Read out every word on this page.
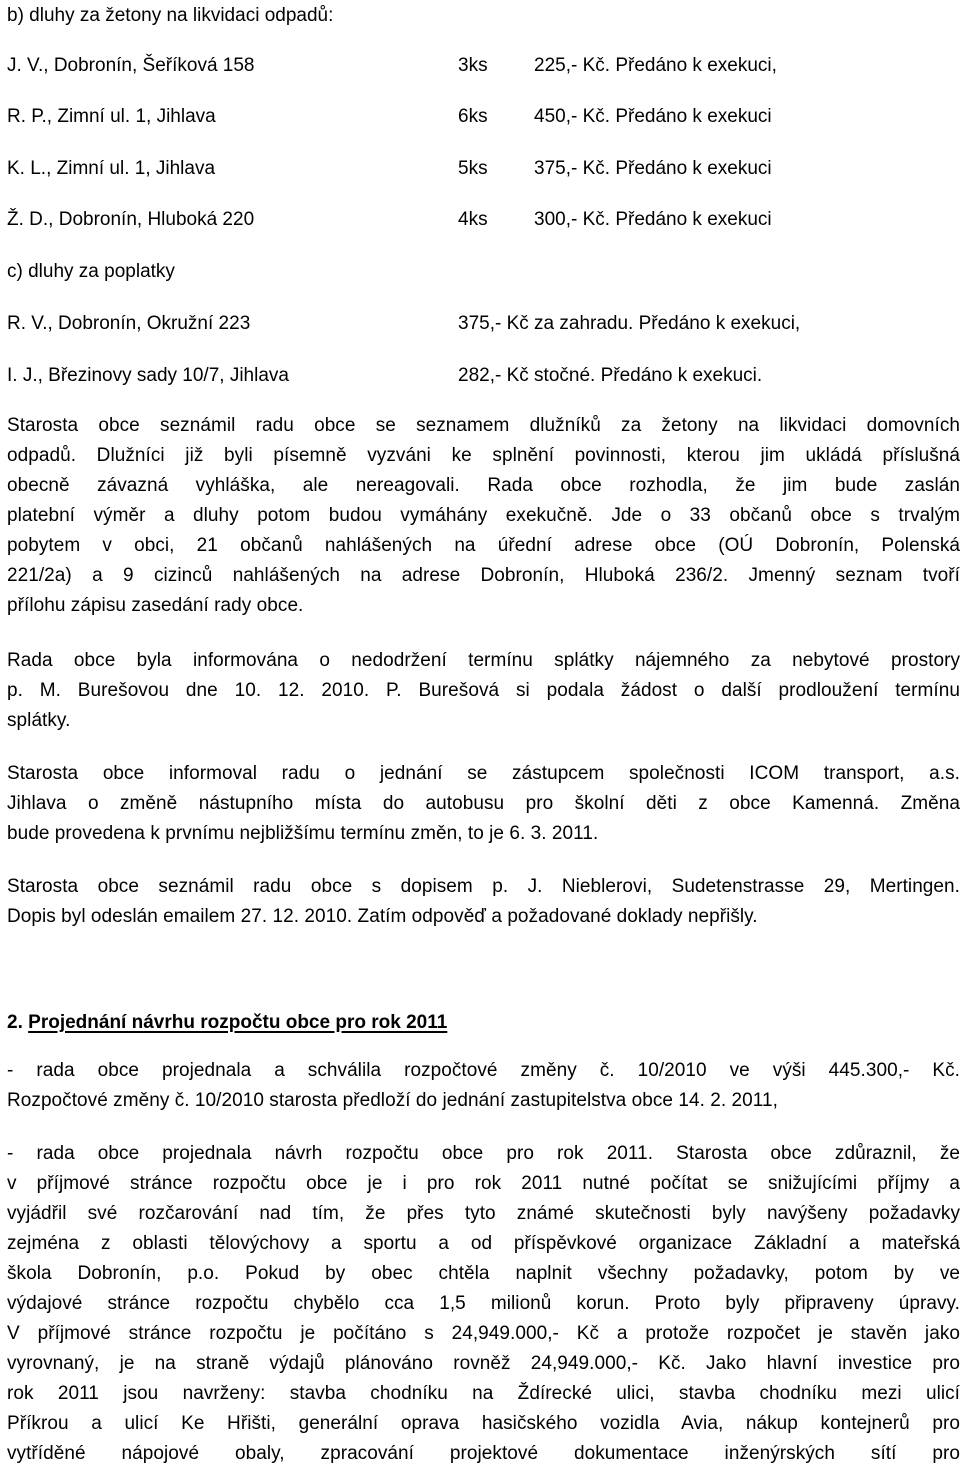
b) dluhy za žetony na likvidaci odpadů:
J. V., Dobronín, Šeříková 158	3ks 225,- Kč. Předáno k exekuci,
R. P., Zimní ul. 1, Jihlava	6ks 450,- Kč. Předáno k exekuci
K. L., Zimní ul. 1, Jihlava	5ks 375,- Kč. Předáno k exekuci
Ž. D., Dobronín, Hluboká 220	4ks 300,- Kč. Předáno k exekuci
c) dluhy za poplatky
R. V., Dobronín, Okružní 223	375,- Kč za zahradu. Předáno k exekuci,
I. J., Březinovy sady 10/7, Jihlava	282,- Kč stočné. Předáno k exekuci.
Starosta obce seznámil radu obce se seznamem dlužníků za žetony na likvidaci domovních
odpadů. Dlužníci již byli písemně vyzváni ke splnění povinnosti, kterou jim ukládá příslušná
obecně závazná vyhláška, ale nereagovali. Rada obce rozhodla, že jim bude zaslán
platební výměr a dluhy potom budou vymáhány exekučně. Jde o 33 občanů obce s trvalým
pobytem v obci, 21 občanů nahlášených na úřední adrese obce (OÚ Dobronín, Polenská
221/2a) a 9 cizinců nahlášených na adrese Dobronín, Hluboká 236/2. Jmenný seznam tvoří
přílohu zápisu zasedání rady obce.
Rada obce byla informována o nedodržení termínu splátky nájemného za nebytové prostory
p. M. Burešovou dne 10. 12. 2010. P. Burešová si podala žádost o další prodloužení termínu
splátky.
Starosta obce informoval radu o jednání se zástupcem společnosti ICOM transport, a.s.
Jihlava o změně nástupního místa do autobusu pro školní děti z obce Kamenná. Změna
bude provedena k prvnímu nejbližšímu termínu změn, to je 6. 3. 2011.
Starosta obce seznámil radu obce s dopisem p. J. Nieblerovi, Sudetenstrasse 29, Mertingen.
Dopis byl odeslán emailem 27. 12. 2010. Zatím odpověď a požadované doklady nepřišly.
2. Projednání návrhu rozpočtu obce pro rok 2011
- rada obce projednala a schválila rozpočtové změny č. 10/2010 ve výši 445.300,- Kč.
Rozpočtové změny č. 10/2010 starosta předloží do jednání zastupitelstva obce 14. 2. 2011,
- rada obce projednala návrh rozpočtu obce pro rok 2011. Starosta obce zdůraznil, že
v příjmové stránce rozpočtu obce je i pro rok 2011 nutné počítat se snižujícími příjmy a
vyjádřil své rozčarování nad tím, že přes tyto známé skutečnosti byly navýšeny požadavky
zejména z oblasti tělovýchovy a sportu a od příspěvkové organizace Základní a mateřská
škola Dobronín, p.o. Pokud by obec chtěla naplnit všechny požadavky, potom by ve
výdajové stránce rozpočtu chybělo cca 1,5 milionů korun. Proto byly připraveny úpravy.
V příjmové stránce rozpočtu je počítáno s 24,949.000,- Kč a protože rozpočet je stavěn jako
vyrovnaný, je na straně výdajů plánováno rovněž 24,949.000,- Kč. Jako hlavní investice pro
rok 2011 jsou navrženy: stavba chodníku na Ždírecké ulici, stavba chodníku mezi ulicí
Příkrou a ulicí Ke Hřišti, generální oprava hasičského vozidla Avia, nákup kontejnerů pro
vytříděné nápojové obaly, zpracování projektové dokumentace inženýrských sítí pro
